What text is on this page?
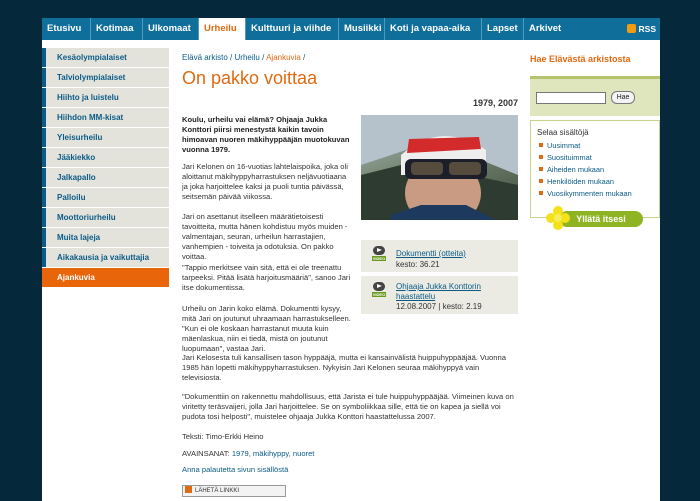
Etusivu	Kotimaa	Ulkomaat	Urheilu	Kulttuuri ja viihde	Musiikki Koti ja vapaa-aika	Lapset	Arkivet	RSS
Kesäolympialaiset
Talviolympialaiset
Hiihto ja luistelu
Hiihdon MM-kisat
Yleisurheilu
Jääkiekko
Jalkapallo
Palloilu
Moottoriurheilu
Muita lajeja
Aikakausia ja vaikuttajia
Ajankuvia
Elävä arkisto / Urheilu / Ajankuvia /
On pakko voittaa
1979, 2007
Koulu, urheilu vai elämä? Ohjaaja Jukka Konttori piirsi menestystä kaikin tavoin himoavan nuoren mäkihyppääjän muotokuvan vuonna 1979.
Jari Kelonen on 16-vuotias lahtelaispoika, joka oli aloittanut mäkihyppyharrastuksen neljävuotiaana ja joka harjoittelee kaksi ja puoli tuntia päivässä, seitsemän päivää viikossa.
Jari on asettanut itselleen määrätietoisesti tavoitteita, mutta hänen kohdistuu myös muiden - valmentajan, seuran, urheilun harrastajien, vanhempien - toiveita ja odotuksia. On pakko voittaa.
"Tappio merkitsee vain sitä, että ei ole treenattu tarpeeksi. Pitää lisätä harjoitusmääriä", sanoo Jari itse dokumentissa.
Urheilu on Jarin koko elämä. Dokumentti kysyy, mitä Jari on joutunut uhraamaan harrastukselleen. "Kun ei ole koskaan harrastanut muuta kuin mäenlaskua, niin ei tiedä, mistä on joutunut luopumaan", vastaa Jari.
Jari Kelosesta tuli kansallisen tason hyppääjä, mutta ei kansainvälistä huippuhyppääjää. Vuonna 1985 hän lopetti mäkihyppyharrastuksen. Nykyisin Jari Kelonen seuraa mäkihyppyä vain televisiosta.
"Dokumenttiin on rakennettu mahdollisuus, että Jarista ei tule huippuhyppääjää. Viimeinen kuva on viritetty teräsvaijeri, jolla Jari harjoittelee. Se on symboliikkaa sille, että tie on kapea ja siellä voi pudota tosi helposti", muistelee ohjaaja Jukka Konttori haastattelussa 2007.
Teksti: Timo-Erkki Heino
AVAINSANAT: 1979, mäkihyppy, nuoret
Anna palautetta sivun sisällöstä
LÄHETÄ LINKKI
VIDEO
Dokumentti (otteita)
kesto: 36.21
VIDEO
Ohjaaja Jukka Konttorin haastattelu
12.08.2007 | kesto: 2.19
Hae Elävästä arkistosta
Hae
Selaa sisältöjä
Uusimmat
Suosituimmat
Aiheiden mukaan
Henkilöiden mukaan
Vuosikymmenten mukaan
Yllätä itsesi
